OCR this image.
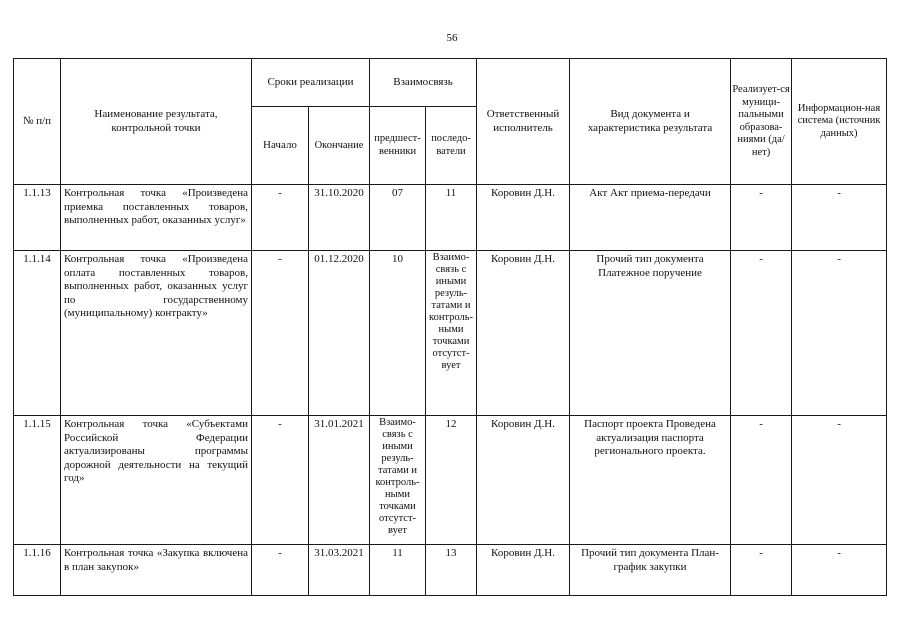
56
№ п/п	Наименование результата, контрольной точки	Сроки реализации		Взаимосвязь		Ответственный исполнитель	Вид документа и характеристика результата	Реализует-ся муници-пальными образова-ниями (да/нет)	Информацион-ная система (источник данных)
		Начало	Окончание	предшест-венники	последо-ватели				
1.1.13	Контрольная точка «Произведена приемка поставленных товаров, выполненных работ, оказанных услуг»	-	31.10.2020	07	11	Коровин Д.Н.	Акт Акт приема-передачи	-	-
1.1.14	Контрольная точка «Произведена оплата поставленных товаров, выполненных работ, оказанных услуг по государственному (муниципальному) контракту»	-	01.12.2020	10	Взаимо-связь с иными резуль-татами и контроль-ными точками отсутст-вует	Коровин Д.Н.	Прочий тип документа Платежное поручение	-	-
1.1.15	Контрольная точка «Субъектами Российской Федерации актуализированы программы дорожной деятельности на текущий год»	-	31.01.2021	Взаимо-связь с иными резуль-татами и контроль-ными точками отсутст-вует	12	Коровин Д.Н.	Паспорт проекта Проведена актуализация паспорта регионального проекта.	-	-
1.1.16	Контрольная точка «Закупка включена в план закупок»	-	31.03.2021	11	13	Коровин Д.Н.	Прочий тип документа План-график закупки	-	-
